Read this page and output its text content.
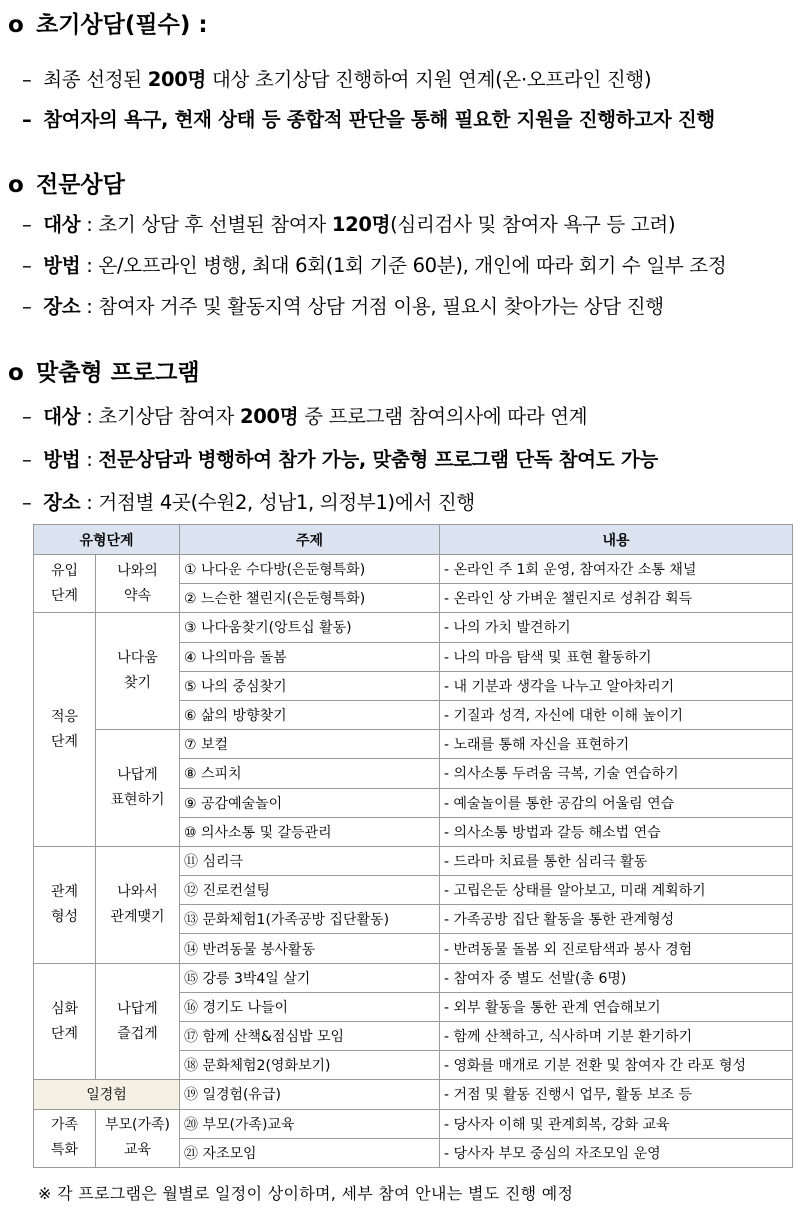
o 초기상담(필수) :
– 최종 선정된 200명 대상 초기상담 진행하여 지원 연계(온·오프라인 진행)
– 참여자의 욕구, 현재 상태 등 종합적 판단을 통해 필요한 지원을 진행하고자 진행
o 전문상담
– 대상 : 초기 상담 후 선별된 참여자 120명(심리검사 및 참여자 욕구 등 고려)
– 방법 : 온/오프라인 병행, 최대 6회(1회 기준 60분), 개인에 따라 회기 수 일부 조정
– 장소 : 참여자 거주 및 활동지역 상담 거점 이용, 필요시 찾아가는 상담 진행
o 맞춤형 프로그램
– 대상 : 초기상담 참여자 200명 중 프로그램 참여의사에 따라 연계
– 방법 : 전문상담과 병행하여 참가 가능, 맞춤형 프로그램 단독 참여도 가능
– 장소 : 거점별 4곳(수원2, 성남1, 의정부1)에서 진행
유형단계		주제	내용
유입
단계	나와의
약속	① 나다운 수다방(은둔형특화)	- 온라인 주 1회 운영, 참여자간 소통 채널
		② 느슨한 챌린지(은둔형특화)	- 온라인 상 가벼운 챌린지로 성취감 획득
적응
단계	나다움
찾기	③ 나다움찾기(앙트십 활동)	- 나의 가치 발견하기
		④ 나의마음 돌봄	- 나의 마음 탐색 및 표현 활동하기
		⑤ 나의 중심찾기	- 내 기분과 생각을 나누고 알아차리기
		⑥ 삶의 방향찾기	- 기질과 성격, 자신에 대한 이해 높이기
	나답게
표현하기	⑦ 보컬	- 노래를 통해 자신을 표현하기
		⑧ 스피치	- 의사소통 두려움 극복, 기술 연습하기
		⑨ 공감예술놀이	- 예술놀이를 통한 공감의 어울림 연습
		⑩ 의사소통 및 갈등관리	- 의사소통 방법과 갈등 해소법 연습
관계
형성	나와서
관계맺기	⑪ 심리극	- 드라마 치료를 통한 심리극 활동
		⑫ 진로컨설팅	- 고립은둔 상태를 알아보고, 미래 계획하기
		⑬ 문화체험1(가족공방 집단활동)	- 가족공방 집단 활동을 통한 관계형성
		⑭ 반려동물 봉사활동	- 반려동물 돌봄 외 진로탐색과 봉사 경험
심화
단계	나답게
즐겁게	⑮ 강릉 3박4일 살기	- 참여자 중 별도 선발(총 6명)
		⑯ 경기도 나들이	- 외부 활동을 통한 관계 연습해보기
		⑰ 함께 산책&점심밥 모임	- 함께 산책하고, 식사하며 기분 환기하기
		⑱ 문화체험2(영화보기)	- 영화를 매개로 기분 전환 및 참여자 간 라포 형성
일경험		⑲ 일경험(유급)	- 거점 및 활동 진행시 업무, 활동 보조 등
가족
특화	부모(가족)
교육	⑳ 부모(가족)교육	- 당사자 이해 및 관계회복, 강화 교육
		㉑ 자조모임	- 당사자 부모 중심의 자조모임 운영
※ 각 프로그램은 월별로 일정이 상이하며, 세부 참여 안내는 별도 진행 예정
